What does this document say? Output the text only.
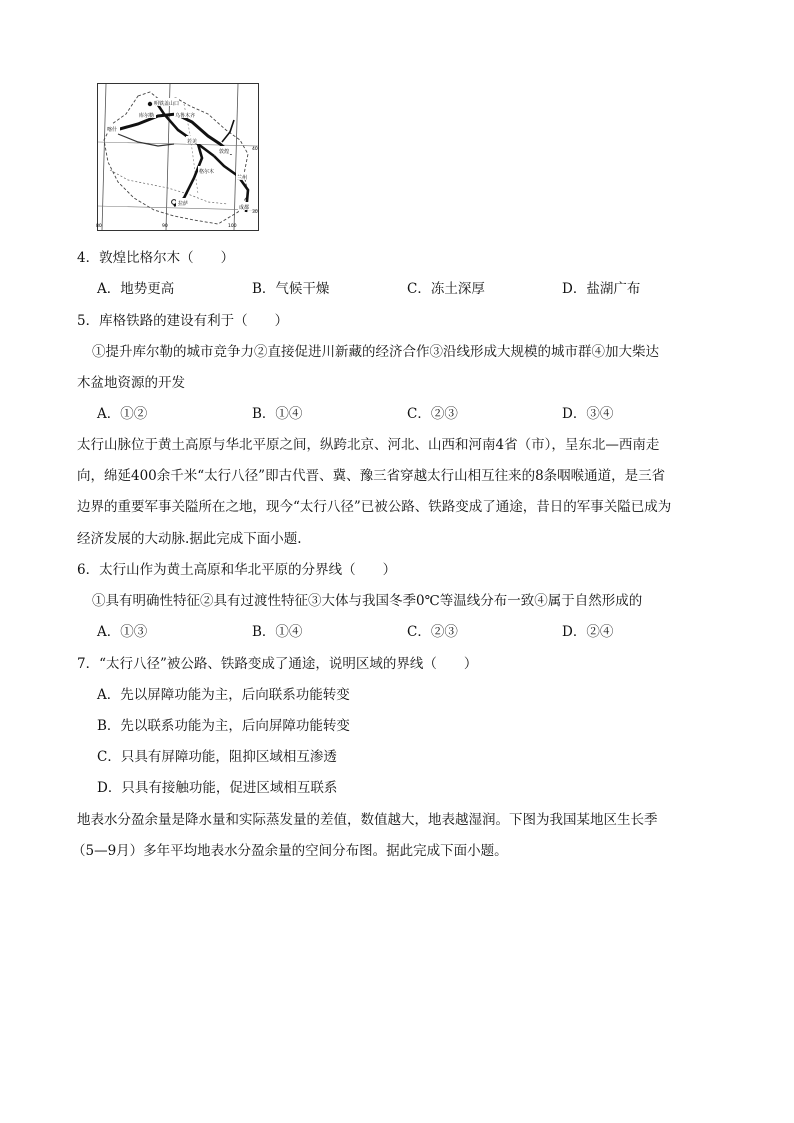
明铁盖山口
乌鲁木齐
库尔勒
喀什
若羌
敦煌
格尔木
兰州
拉萨
成都
40
30
80	90	100
4．敦煌比格尔木（　　）
A．地势更高	B．气候干燥	C．冻土深厚	D．盐湖广布
5．库格铁路的建设有利于（　　）
①提升库尔勒的城市竞争力②直接促进川新藏的经济合作③沿线形成大规模的城市群④加大柴达
木盆地资源的开发
A．①②	B．①④	C．②③	D．③④
太行山脉位于黄土高原与华北平原之间，纵跨北京、河北、山西和河南4省（市），呈东北—西南走
向，绵延400余千米“太行八径”即古代晋、冀、豫三省穿越太行山相互往来的8条咽喉通道，是三省
边界的重要军事关隘所在之地，现今“太行八径”已被公路、铁路变成了通途，昔日的军事关隘已成为
经济发展的大动脉.据此完成下面小题.
6．太行山作为黄土高原和华北平原的分界线（　　）
①具有明确性特征②具有过渡性特征③大体与我国冬季0℃等温线分布一致④属于自然形成的
A．①③	B．①④	C．②③	D．②④
7．“太行八径”被公路、铁路变成了通途，说明区域的界线（　　）
A．先以屏障功能为主，后向联系功能转变
B．先以联系功能为主，后向屏障功能转变
C．只具有屏障功能，阻抑区域相互渗透
D．只具有接触功能，促进区域相互联系
地表水分盈余量是降水量和实际蒸发量的差值，数值越大，地表越湿润。下图为我国某地区生长季
（5—9月）多年平均地表水分盈余量的空间分布图。据此完成下面小题。
